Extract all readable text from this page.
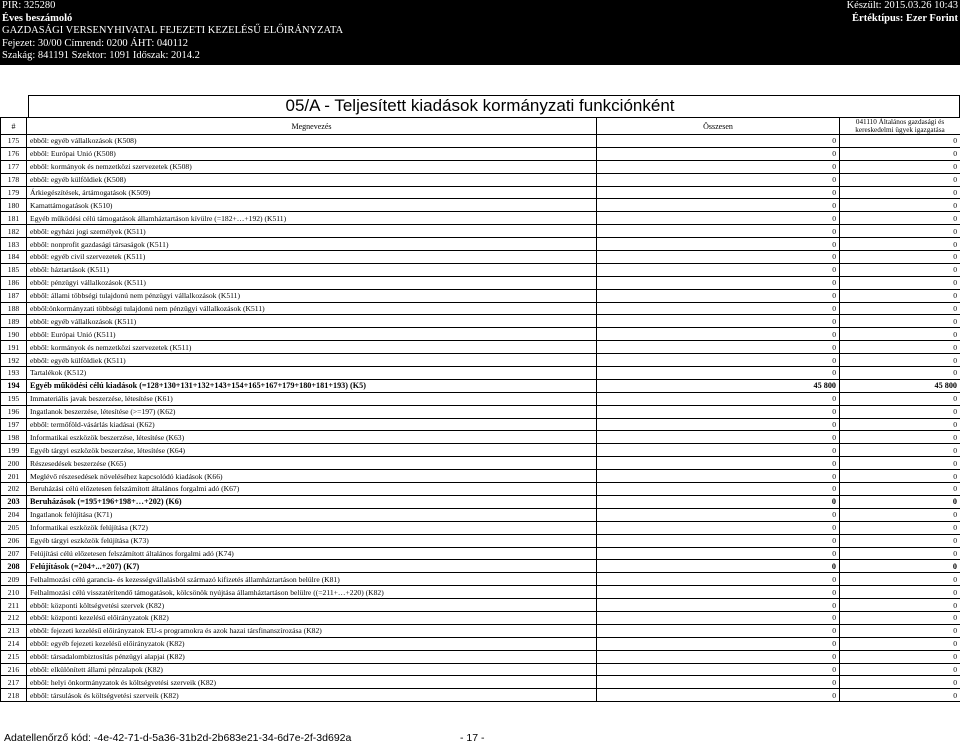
PIR: 325280
Éves beszámoló
GAZDASÁGI VERSENYHIVATAL FEJEZETI KEZELÉSŰ ELŐIRÁNYZATA
Fejezet: 30/00 Címrend: 0200 ÁHT: 040112
Szakág: 841191 Szektor: 1091 Időszak: 2014.2
Készült: 2015.03.26 10:43
Értéktípus: Ezer Forint
05/A - Teljesített kiadások kormányzati funkciónként
#	Megnevezés	Összesen	041110 Általános gazdasági és kereskedelmi ügyek igazgatása
175	ebből: egyéb vállalkozások (K508)	0	0
176	ebből: Európai Unió (K508)	0	0
177	ebből: kormányok és nemzetközi szervezetek (K508)	0	0
178	ebből: egyéb külföldiek (K508)	0	0
179	Árkiegészítések, ártámogatások (K509)	0	0
180	Kamattámogatások (K510)	0	0
181	Egyéb működési célú támogatások államháztartáson kívülre (=182+…+192) (K511)	0	0
182	ebből: egyházi jogi személyek (K511)	0	0
183	ebből: nonprofit gazdasági társaságok (K511)	0	0
184	ebből: egyéb civil szervezetek (K511)	0	0
185	ebből: háztartások (K511)	0	0
186	ebből: pénzügyi vállalkozások (K511)	0	0
187	ebből: állami többségi tulajdonú nem pénzügyi vállalkozások (K511)	0	0
188	ebből:önkormányzati többségi tulajdonú nem pénzügyi vállalkozások (K511)	0	0
189	ebből: egyéb vállalkozások (K511)	0	0
190	ebből: Európai Unió (K511)	0	0
191	ebből: kormányok és nemzetközi szervezetek (K511)	0	0
192	ebből: egyéb külföldiek (K511)	0	0
193	Tartalékok (K512)	0	0
194	Egyéb működési célú kiadások (=128+130+131+132+143+154+165+167+179+180+181+193) (K5)	45 800	45 800
195	Immateriális javak beszerzése, létesítése (K61)	0	0
196	Ingatlanok beszerzése, létesítése (>=197) (K62)	0	0
197	ebből: termőföld-vásárlás kiadásai (K62)	0	0
198	Informatikai eszközök beszerzése, létesítése (K63)	0	0
199	Egyéb tárgyi eszközök beszerzése, létesítése (K64)	0	0
200	Részesedések beszerzése (K65)	0	0
201	Meglévő részesedések növeléséhez kapcsolódó kiadások (K66)	0	0
202	Beruházási célú előzetesen felszámított általános forgalmi adó (K67)	0	0
203	Beruházások (=195+196+198+…+202) (K6)	0	0
204	Ingatlanok felújítása (K71)	0	0
205	Informatikai eszközök felújítása (K72)	0	0
206	Egyéb tárgyi eszközök felújítása (K73)	0	0
207	Felújítási célú előzetesen felszámított általános forgalmi adó (K74)	0	0
208	Felújítások (=204+...+207) (K7)	0	0
209	Felhalmozási célú garancia- és kezességvállalásból származó kifizetés államháztartáson belülre (K81)	0	0
210	Felhalmozási célú visszatérítendő támogatások, kölcsönök nyújtása államháztartáson belülre ((=211+…+220) (K82)	0	0
211	ebből: központi költségvetési szervek (K82)	0	0
212	ebből: központi kezelésű előirányzatok (K82)	0	0
213	ebből: fejezeti kezelésű előirányzatok EU-s programokra és azok hazai társfinanszírozása (K82)	0	0
214	ebből: egyéb fejezeti kezelésű előirányzatok (K82)	0	0
215	ebből: társadalombiztosítás pénzügyi alapjai (K82)	0	0
216	ebből: elkülönített állami pénzalapok (K82)	0	0
217	ebből: helyi önkormányzatok és költségvetési szerveik (K82)	0	0
218	ebből: társulások és költségvetési szerveik (K82)	0	0
Adatellenőrző kód: -4e-42-71-d-5a36-31b2d-2b683e21-34-6d7e-2f-3d692a	- 17 -
